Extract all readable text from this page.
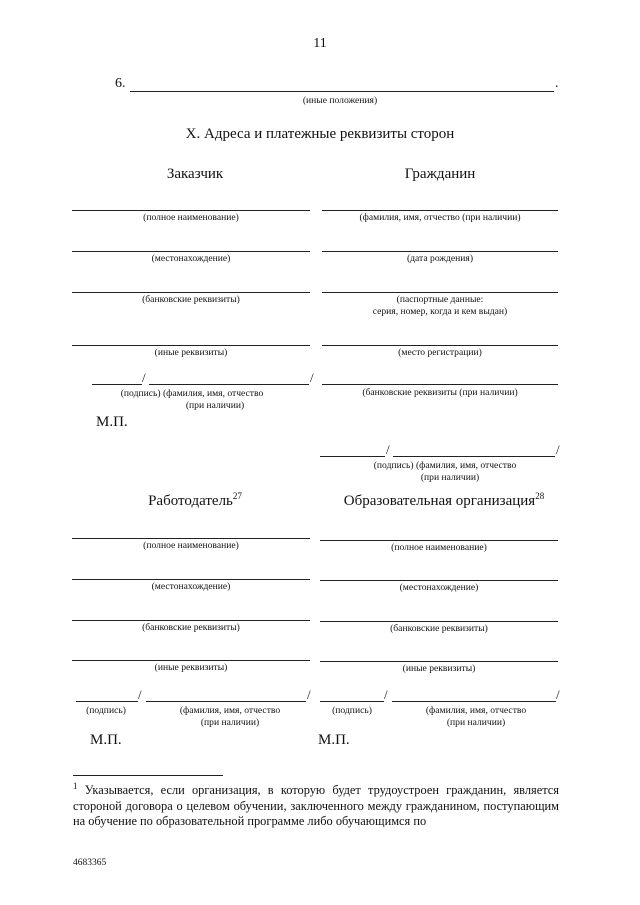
11
6.	.
(иные положения)
X. Адреса и платежные реквизиты сторон
Заказчик	Гражданин
(полное наименование)
(местонахождение)
(банковские реквизиты)
(иные реквизиты)
/	/
(подпись) (фамилия, имя, отчество
(при наличии)
М.П.
(фамилия, имя, отчество (при наличии)
(дата рождения)
(паспортные данные:
серия, номер, когда и кем выдан)
(место регистрации)
(банковские реквизиты (при наличии)
/	/
(подпись) (фамилия, имя, отчество
(при наличии)
Работодатель$^{27}$	Образовательная организация$^{28}$
(полное наименование)
(местонахождение)
(банковские реквизиты)
(иные реквизиты)
/	/
(подпись)	(фамилия, имя, отчество
(при наличии)
М.П.
(полное наименование)
(местонахождение)
(банковские реквизиты)
(иные реквизиты)
/	/
(подпись)	(фамилия, имя, отчество
(при наличии)
М.П.
$^1$ Указывается, если организация, в которую будет трудоустроен гражданин, является стороной договора о целевом обучении, заключенного между гражданином, поступающим на обучение по образовательной программе либо обучающимся по
4683365
